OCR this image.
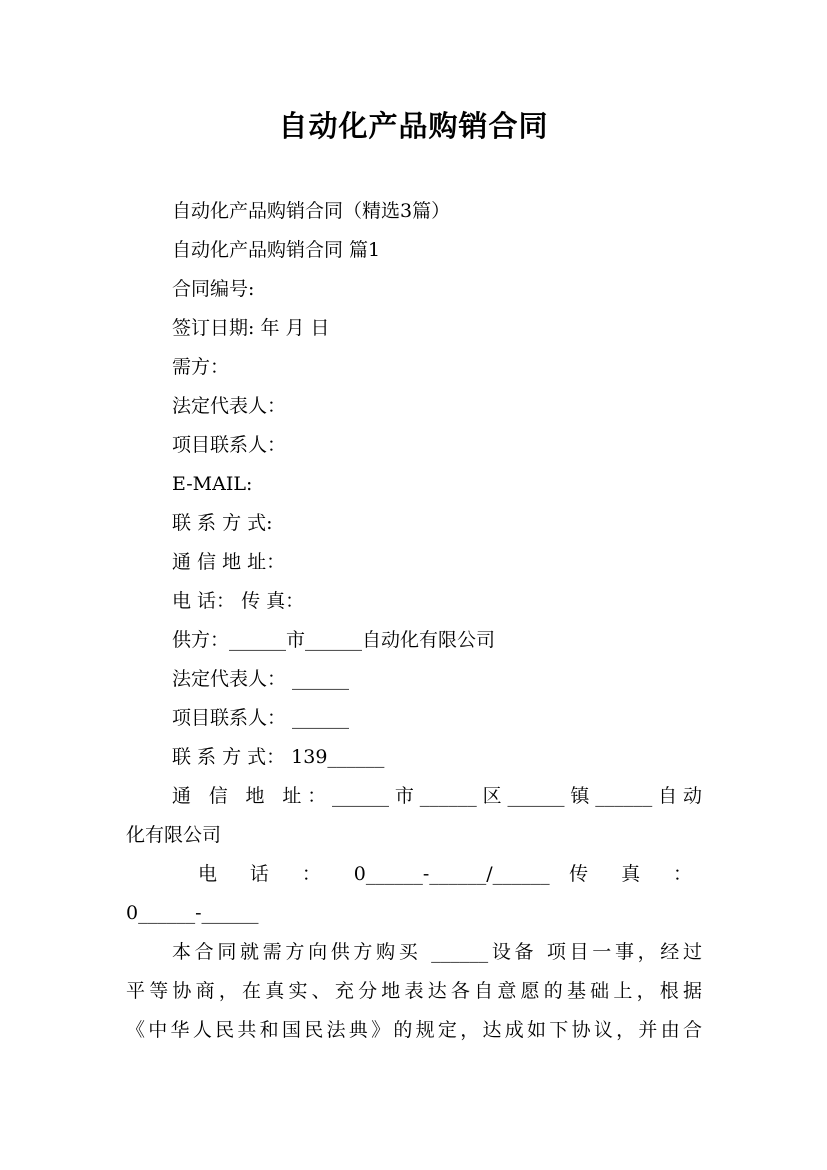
自动化产品购销合同
自动化产品购销合同（精选3篇）
自动化产品购销合同 篇1
合同编号:
签订日期: 年 月 日
需方：
法定代表人：
项目联系人：
E-MAIL:
联 系 方 式:
通 信 地 址：
电 话： 传 真：
供方：______市______自动化有限公司
法定代表人： ______
项目联系人： ______
联 系 方 式： 139______
通 信 地 址：______市______区______镇______自动
化有限公司
电 话 ： 0______-______/______ 传 真 ：
0______-______
本合同就需方向供方购买 ______设备 项目一事，经过
平等协商，在真实、充分地表达各自意愿的基础上，根据
《中华人民共和国民法典》的规定，达成如下协议，并由合
